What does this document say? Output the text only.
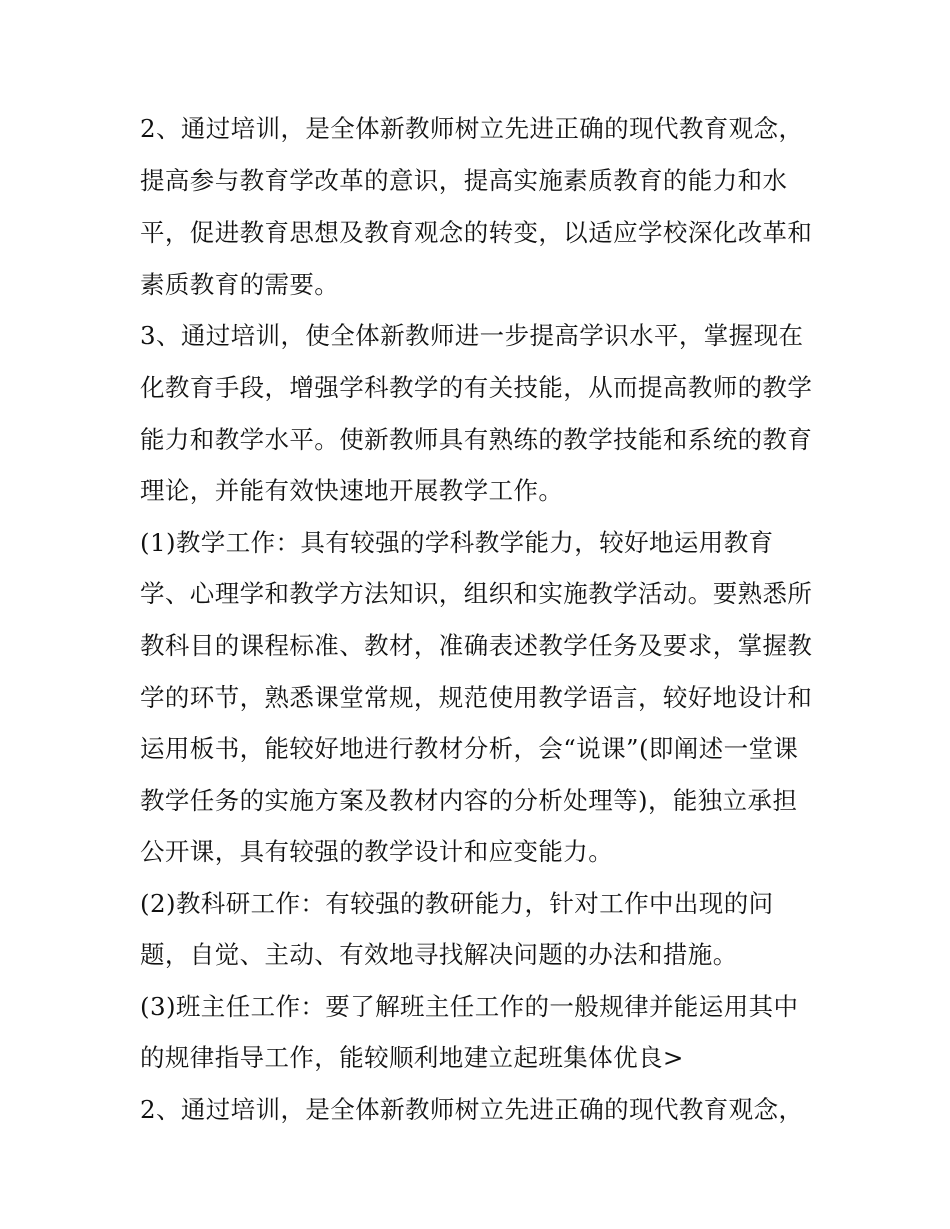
2、通过培训，是全体新教师树立先进正确的现代教育观念，
提高参与教育学改革的意识，提高实施素质教育的能力和水
平，促进教育思想及教育观念的转变，以适应学校深化改革和
素质教育的需要。
3、通过培训，使全体新教师进一步提高学识水平，掌握现在
化教育手段，增强学科教学的有关技能，从而提高教师的教学
能力和教学水平。使新教师具有熟练的教学技能和系统的教育
理论，并能有效快速地开展教学工作。
(1)教学工作：具有较强的学科教学能力，较好地运用教育
学、心理学和教学方法知识，组织和实施教学活动。要熟悉所
教科目的课程标准、教材，准确表述教学任务及要求，掌握教
学的环节，熟悉课堂常规，规范使用教学语言，较好地设计和
运用板书，能较好地进行教材分析，会“说课”(即阐述一堂课
教学任务的实施方案及教材内容的分析处理等)，能独立承担
公开课，具有较强的教学设计和应变能力。
(2)教科研工作：有较强的教研能力，针对工作中出现的问
题，自觉、主动、有效地寻找解决问题的办法和措施。
(3)班主任工作：要了解班主任工作的一般规律并能运用其中
的规律指导工作，能较顺利地建立起班集体优良>
2、通过培训，是全体新教师树立先进正确的现代教育观念，
